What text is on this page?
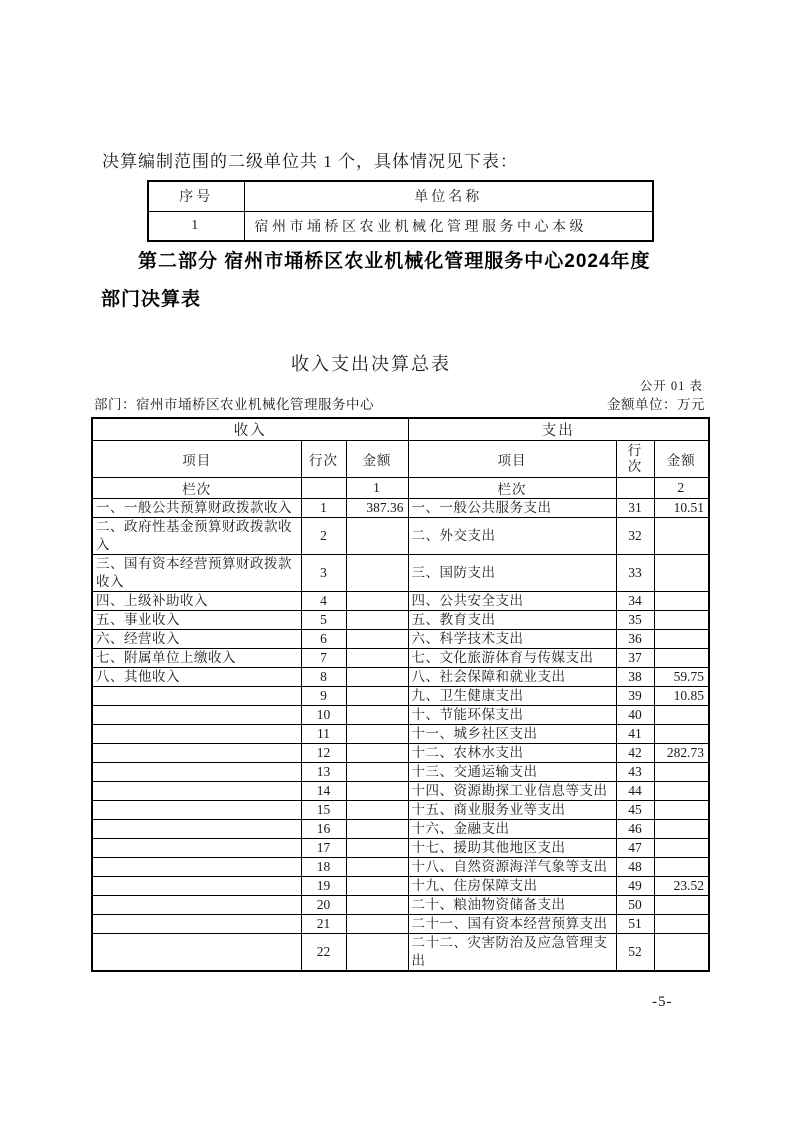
决算编制范围的二级单位共 1 个，具体情况见下表：

序号	单位名称
1	宿州市埇桥区农业机械化管理服务中心本级
第二部分 宿州市埇桥区农业机械化管理服务中心2024年度
部门决算表
收入支出决算总表
公开 01 表
部门：宿州市埇桥区农业机械化管理服务中心	金额单位：万元
收入			支出		
项目	行次	金额	项目	行次	金额
栏次		1	栏次		2
一、一般公共预算财政拨款收入	1	387.36	一、一般公共服务支出	31	10.51
二、政府性基金预算财政拨款收入	2		二、外交支出	32	
三、国有资本经营预算财政拨款收入	3		三、国防支出	33	
四、上级补助收入	4		四、公共安全支出	34	
五、事业收入	5		五、教育支出	35	
六、经营收入	6		六、科学技术支出	36	
七、附属单位上缴收入	7		七、文化旅游体育与传媒支出	37	
八、其他收入	8		八、社会保障和就业支出	38	59.75
	9		九、卫生健康支出	39	10.85
	10		十、节能环保支出	40	
	11		十一、城乡社区支出	41	
	12		十二、农林水支出	42	282.73
	13		十三、交通运输支出	43	
	14		十四、资源勘探工业信息等支出	44	
	15		十五、商业服务业等支出	45	
	16		十六、金融支出	46	
	17		十七、援助其他地区支出	47	
	18		十八、自然资源海洋气象等支出	48	
	19		十九、住房保障支出	49	23.52
	20		二十、粮油物资储备支出	50	
	21		二十一、国有资本经营预算支出	51	
	22		二十二、灾害防治及应急管理支出	52	
-5-
